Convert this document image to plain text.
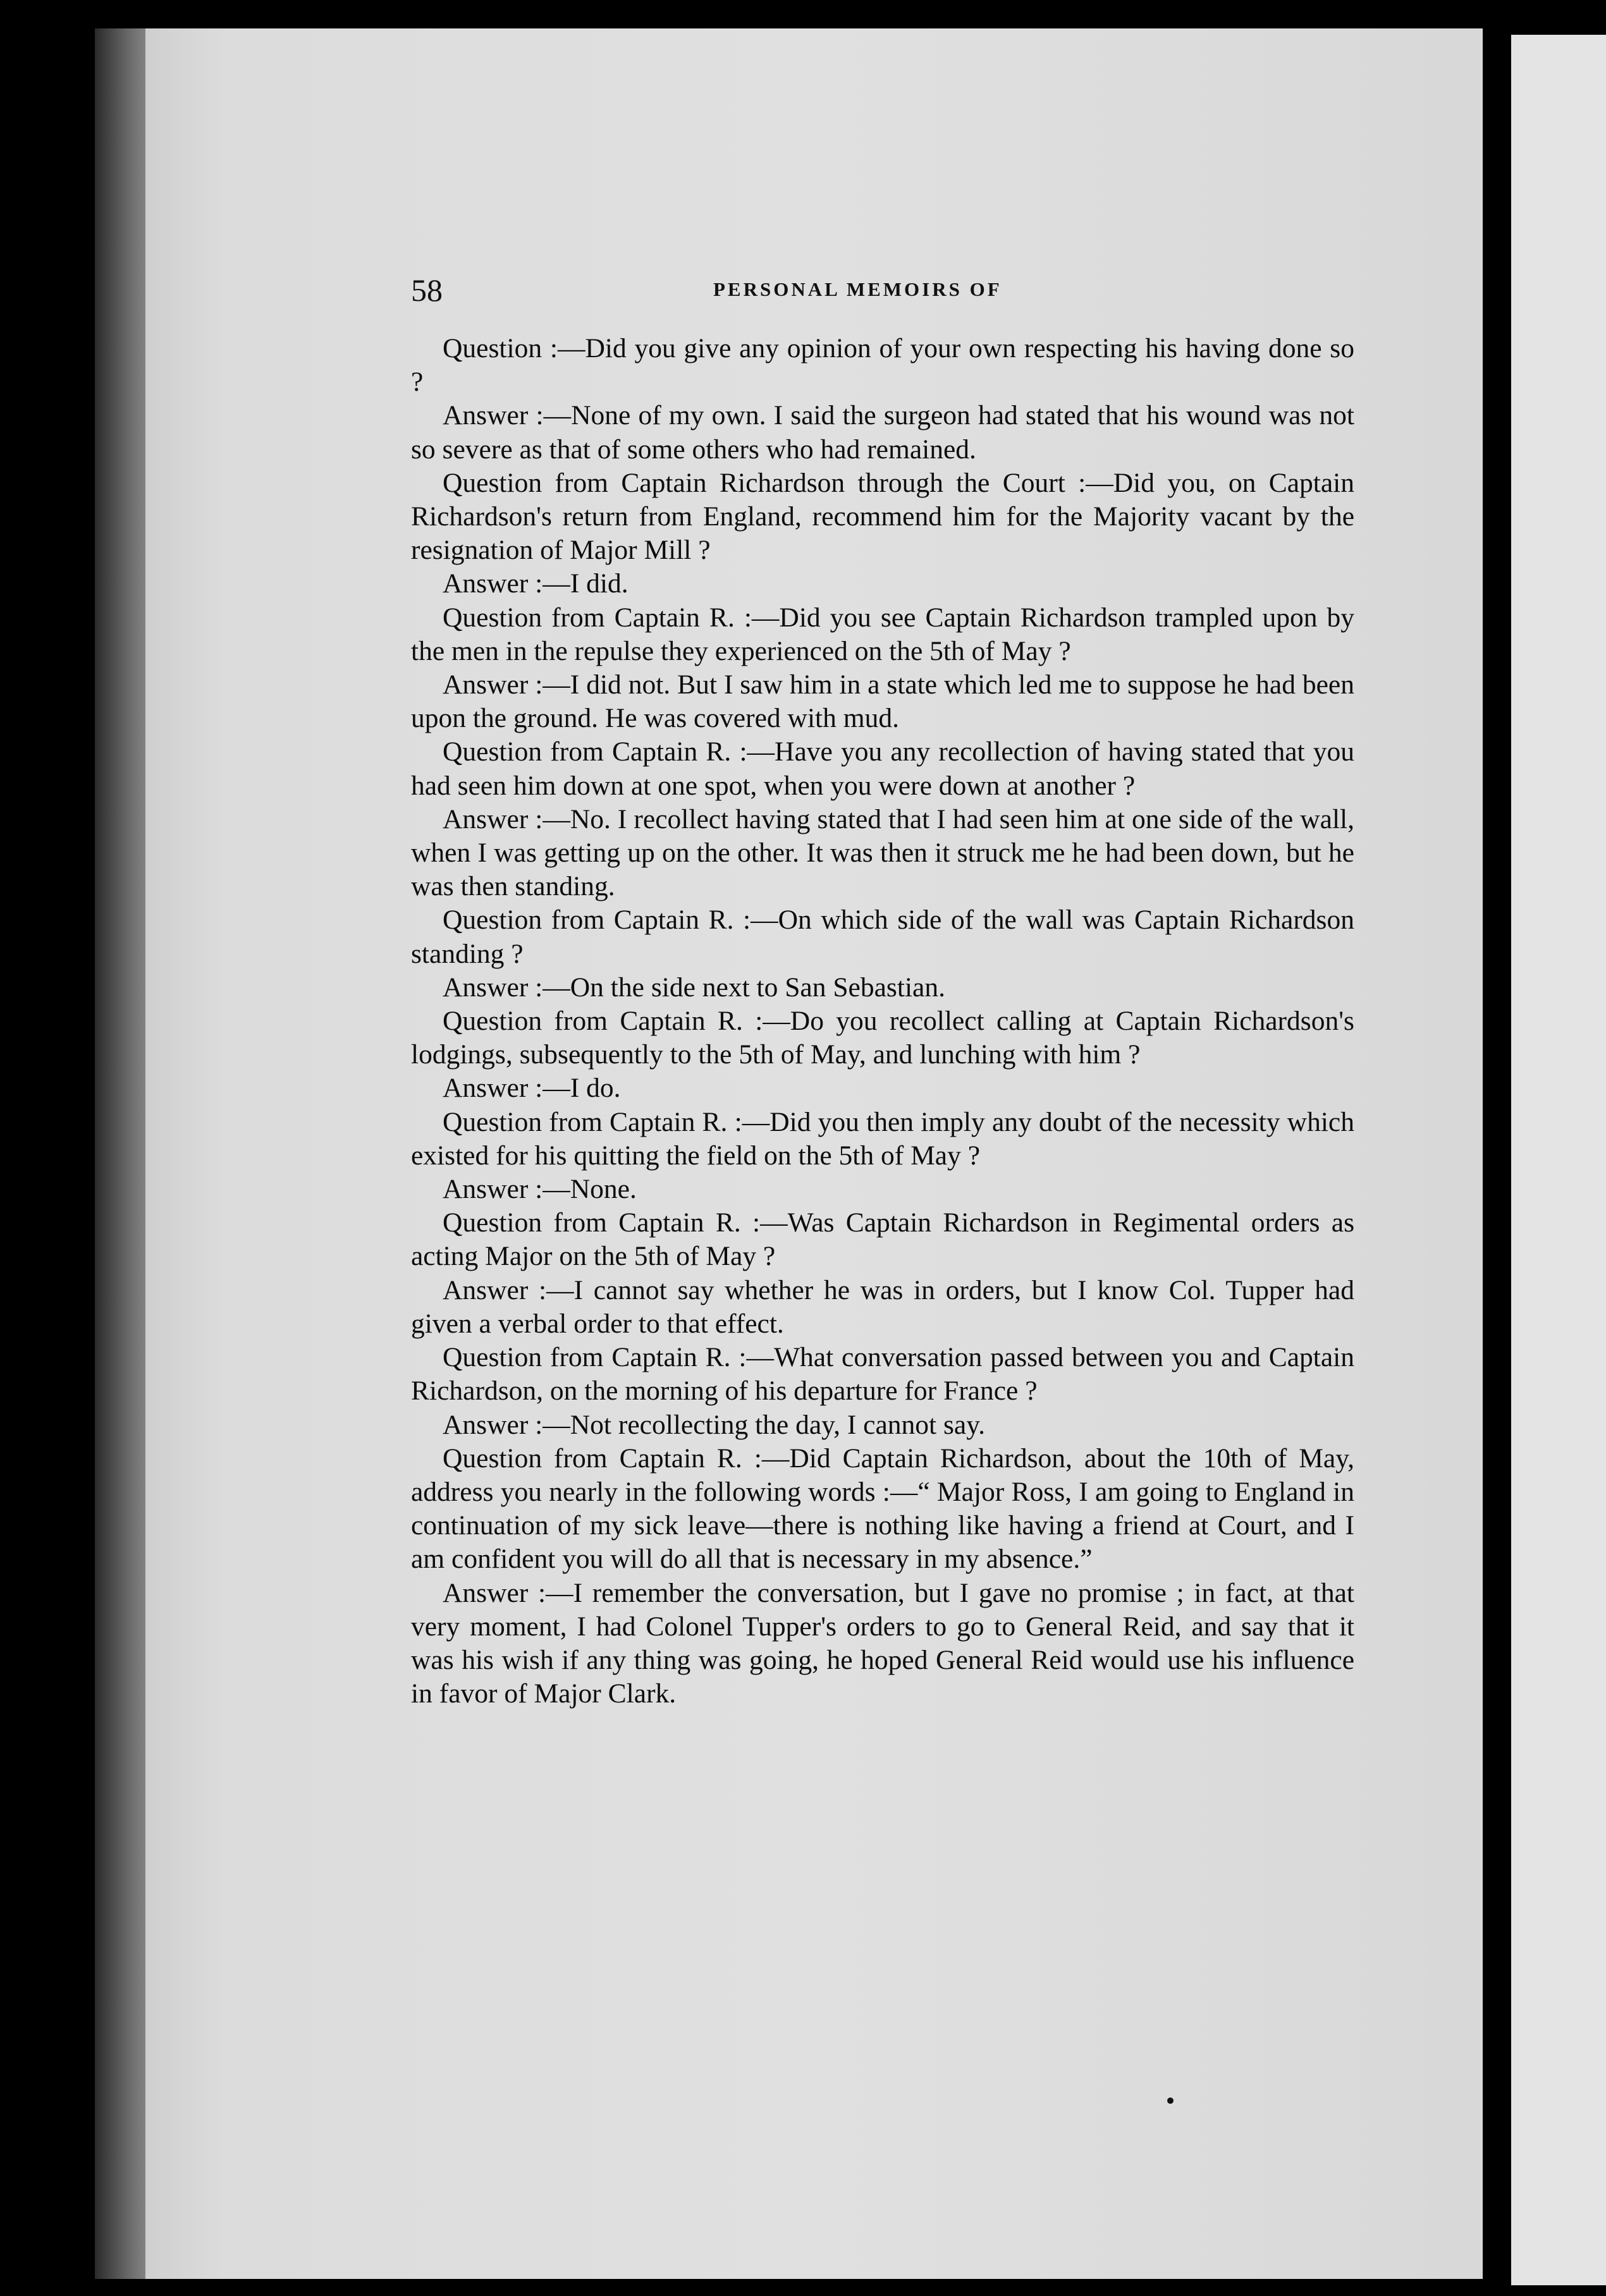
58	PERSONAL MEMOIRS OF

Question :—Did you give any opinion of your own respecting his having done so ?

Answer :—None of my own. I said the surgeon had stated that his wound was not so severe as that of some others who had remained.

Question from Captain Richardson through the Court :—Did you, on Captain Richardson's return from England, recommend him for the Majority vacant by the resignation of Major Mill ?

Answer :—I did.

Question from Captain R. :—Did you see Captain Richardson trampled upon by the men in the repulse they experienced on the 5th of May ?

Answer :—I did not. But I saw him in a state which led me to suppose he had been upon the ground. He was covered with mud.

Question from Captain R. :—Have you any recollection of having stated that you had seen him down at one spot, when you were down at another ?

Answer :—No. I recollect having stated that I had seen him at one side of the wall, when I was getting up on the other. It was then it struck me he had been down, but he was then standing.

Question from Captain R. :—On which side of the wall was Captain Richardson standing ?

Answer :—On the side next to San Sebastian.

Question from Captain R. :—Do you recollect calling at Captain Richardson's lodgings, subsequently to the 5th of May, and lunching with him ?

Answer :—I do.

Question from Captain R. :—Did you then imply any doubt of the necessity which existed for his quitting the field on the 5th of May ?

Answer :—None.

Question from Captain R. :—Was Captain Richardson in Regimental orders as acting Major on the 5th of May ?

Answer :—I cannot say whether he was in orders, but I know Col. Tupper had given a verbal order to that effect.

Question from Captain R. :—What conversation passed between you and Captain Richardson, on the morning of his departure for France ?

Answer :—Not recollecting the day, I cannot say.

Question from Captain R. :—Did Captain Richardson, about the 10th of May, address you nearly in the following words :—“ Major Ross, I am going to England in continuation of my sick leave—there is nothing like having a friend at Court, and I am confident you will do all that is necessary in my absence.”

Answer :—I remember the conversation, but I gave no promise ; in fact, at that very moment, I had Colonel Tupper's orders to go to General Reid, and say that it was his wish if any thing was going, he hoped General Reid would use his influence in favor of Major Clark.
